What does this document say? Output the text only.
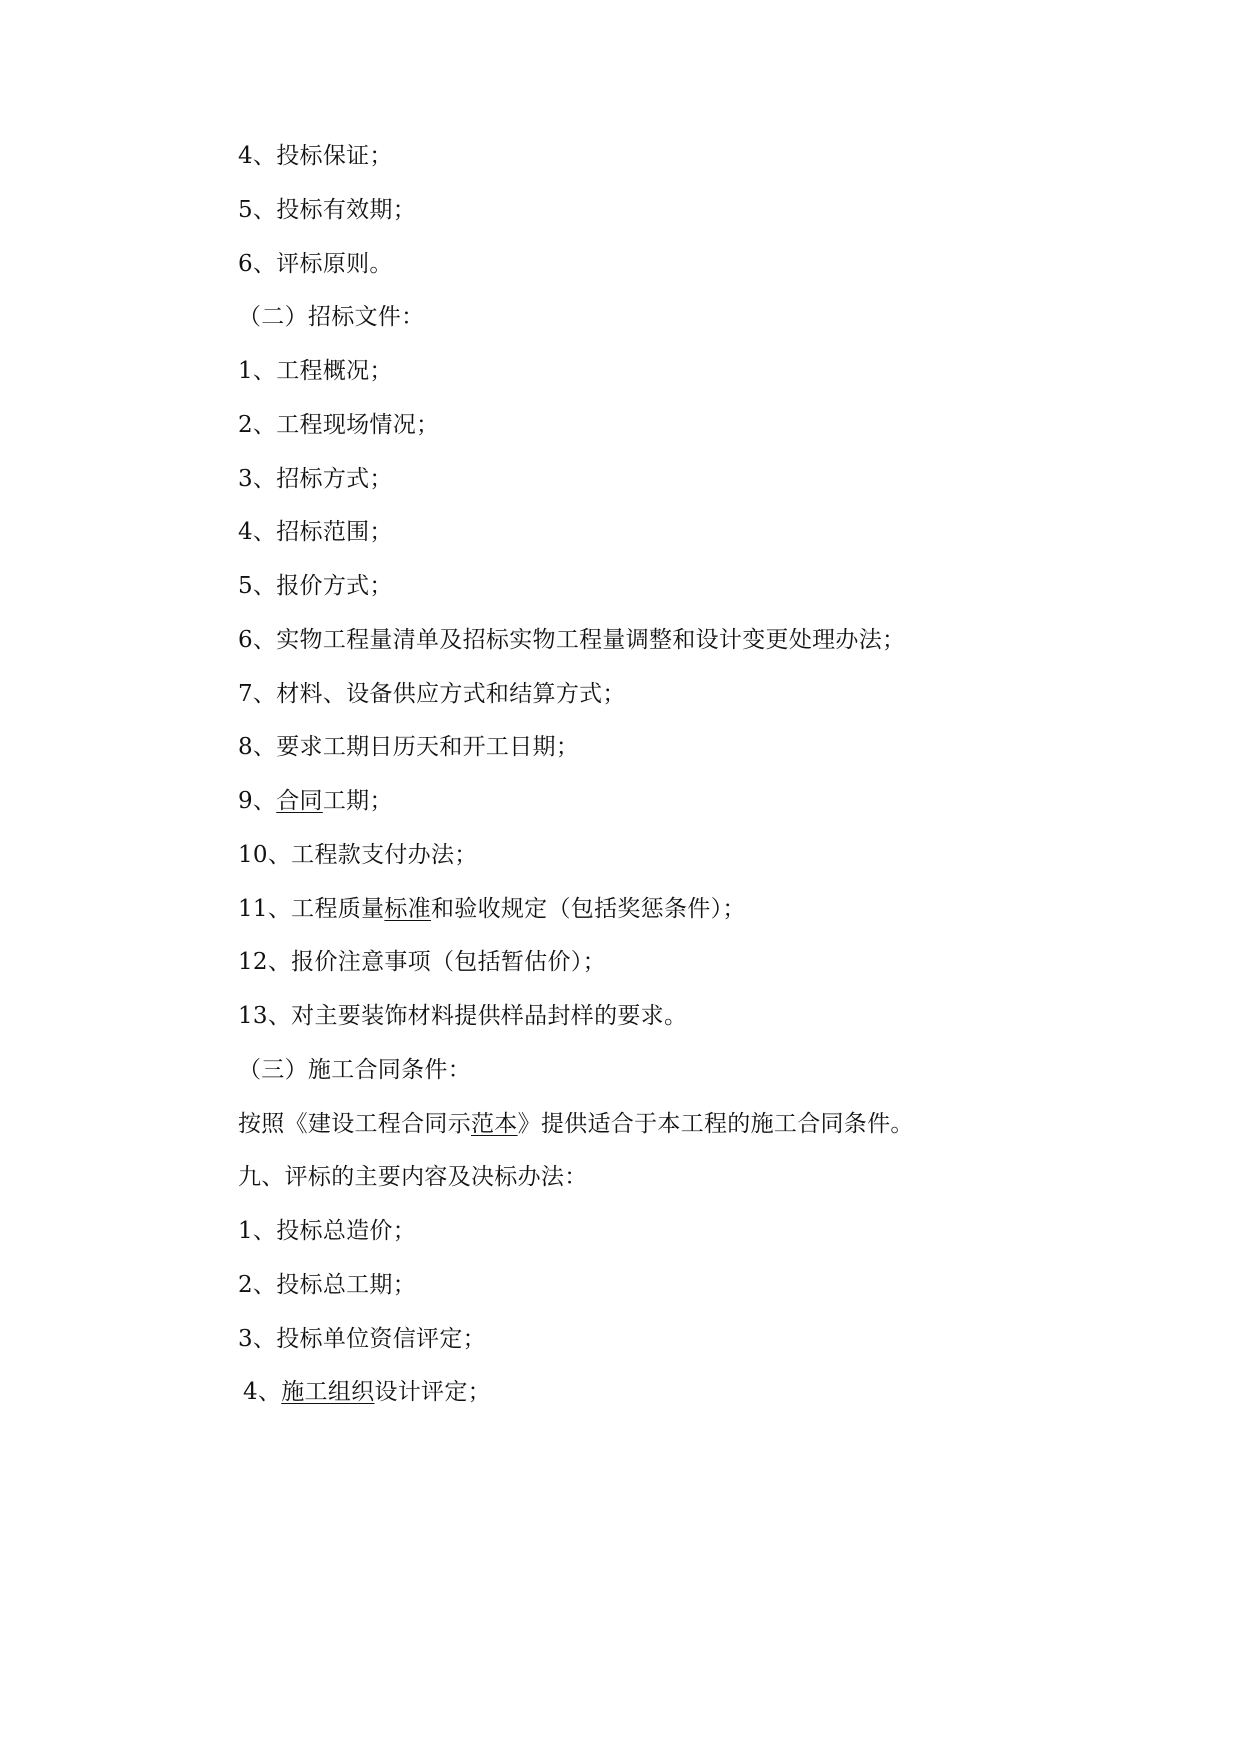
4、投标保证；
5、投标有效期；
6、评标原则。
（二）招标文件：
1、工程概况；
2、工程现场情况；
3、招标方式；
4、招标范围；
5、报价方式；
6、实物工程量清单及招标实物工程量调整和设计变更处理办法；
7、材料、设备供应方式和结算方式；
8、要求工期日历天和开工日期；
9、合同工期；
10、工程款支付办法；
11、工程质量标准和验收规定（包括奖惩条件）；
12、报价注意事项（包括暂估价）；
13、对主要装饰材料提供样品封样的要求。
（三）施工合同条件：
按照《建设工程合同示范本》提供适合于本工程的施工合同条件。
九、评标的主要内容及决标办法：
1、投标总造价；
2、投标总工期；
3、投标单位资信评定；
4、施工组织设计评定；
